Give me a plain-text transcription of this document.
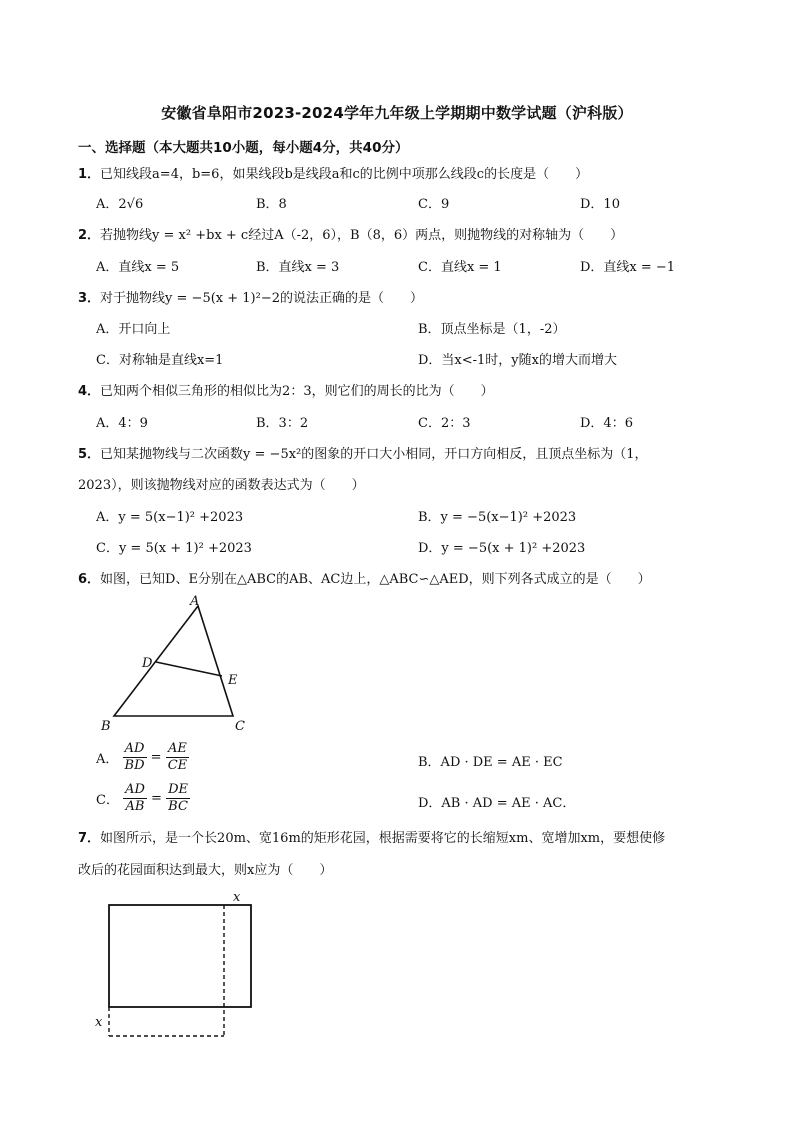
安徽省阜阳市2023-2024学年九年级上学期期中数学试题（沪科版）
一、选择题（本大题共10小题，每小题4分，共40分）
1．已知线段a=4，b=6，如果线段b是线段a和c的比例中项那么线段c的长度是（　　）
A．2√6	B．8	C．9	D．10
2．若抛物线y = x² +bx + c经过A（-2，6），B（8，6）两点，则抛物线的对称轴为（　　）
A．直线x = 5	B．直线x = 3	C．直线x = 1	D．直线x = −1
3．对于抛物线y = −5(x + 1)²−2的说法正确的是（　　）
A．开口向上	B．顶点坐标是（1，-2）
C．对称轴是直线x=1	D．当x<-1时，y随x的增大而增大
4．已知两个相似三角形的相似比为2：3，则它们的周长的比为（　　）
A．4：9	B．3：2	C．2：3	D．4：6
5．已知某抛物线与二次函数y = −5x²的图象的开口大小相同，开口方向相反，且顶点坐标为（1，
2023），则该抛物线对应的函数表达式为（　　）
A．y = 5(x−1)² +2023	B．y = −5(x−1)² +2023
C．y = 5(x + 1)² +2023	D．y = −5(x + 1)² +2023
6．如图，已知D、E分别在△ABC的AB、AC边上，△ABC∽△AED，则下列各式成立的是（　　）
A
D
E
B	C
A． $\frac{AD}{BD} = \frac{AE}{CE}$	B．AD · DE = AE · EC
C． $\frac{AD}{AB} = \frac{DE}{BC}$	D．AB · AD = AE · AC．
7．如图所示，是一个长20m、宽16m的矩形花园，根据需要将它的长缩短xm、宽增加xm，要想使修
改后的花园面积达到最大，则x应为（　　）
x
x
